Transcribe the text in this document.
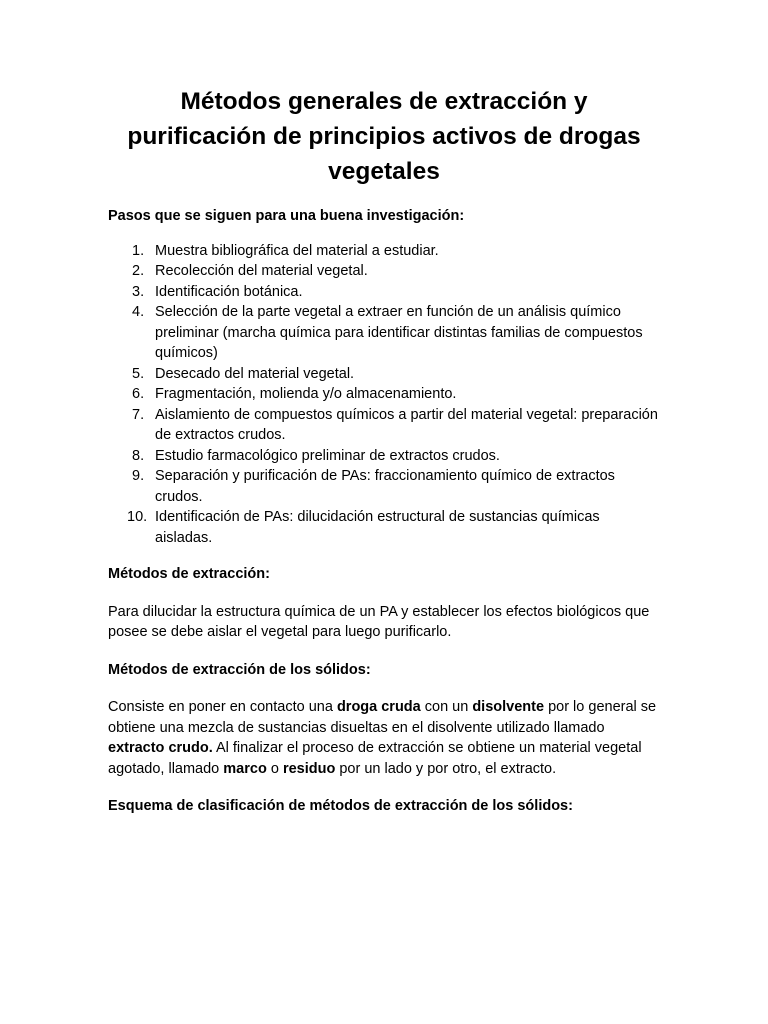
Métodos generales de extracción y purificación de principios activos de drogas vegetales

Pasos que se siguen para una buena investigación:

1. Muestra bibliográfica del material a estudiar.
2. Recolección del material vegetal.
3. Identificación botánica.
4. Selección de la parte vegetal a extraer en función de un análisis químico preliminar (marcha química para identificar distintas familias de compuestos químicos)
5. Desecado del material vegetal.
6. Fragmentación, molienda y/o almacenamiento.
7. Aislamiento de compuestos químicos a partir del material vegetal: preparación de extractos crudos.
8. Estudio farmacológico preliminar de extractos crudos.
9. Separación y purificación de PAs: fraccionamiento químico de extractos crudos.
10. Identificación de PAs: dilucidación estructural de sustancias químicas aisladas.

Métodos de extracción:

Para dilucidar la estructura química de un PA y establecer los efectos biológicos que posee se debe aislar el vegetal para luego purificarlo.

Métodos de extracción de los sólidos:

Consiste en poner en contacto una droga cruda con un disolvente por lo general se obtiene una mezcla de sustancias disueltas en el disolvente utilizado llamado extracto crudo. Al finalizar el proceso de extracción se obtiene un material vegetal agotado, llamado marco o residuo por un lado y por otro, el extracto.

Esquema de clasificación de métodos de extracción de los sólidos:
